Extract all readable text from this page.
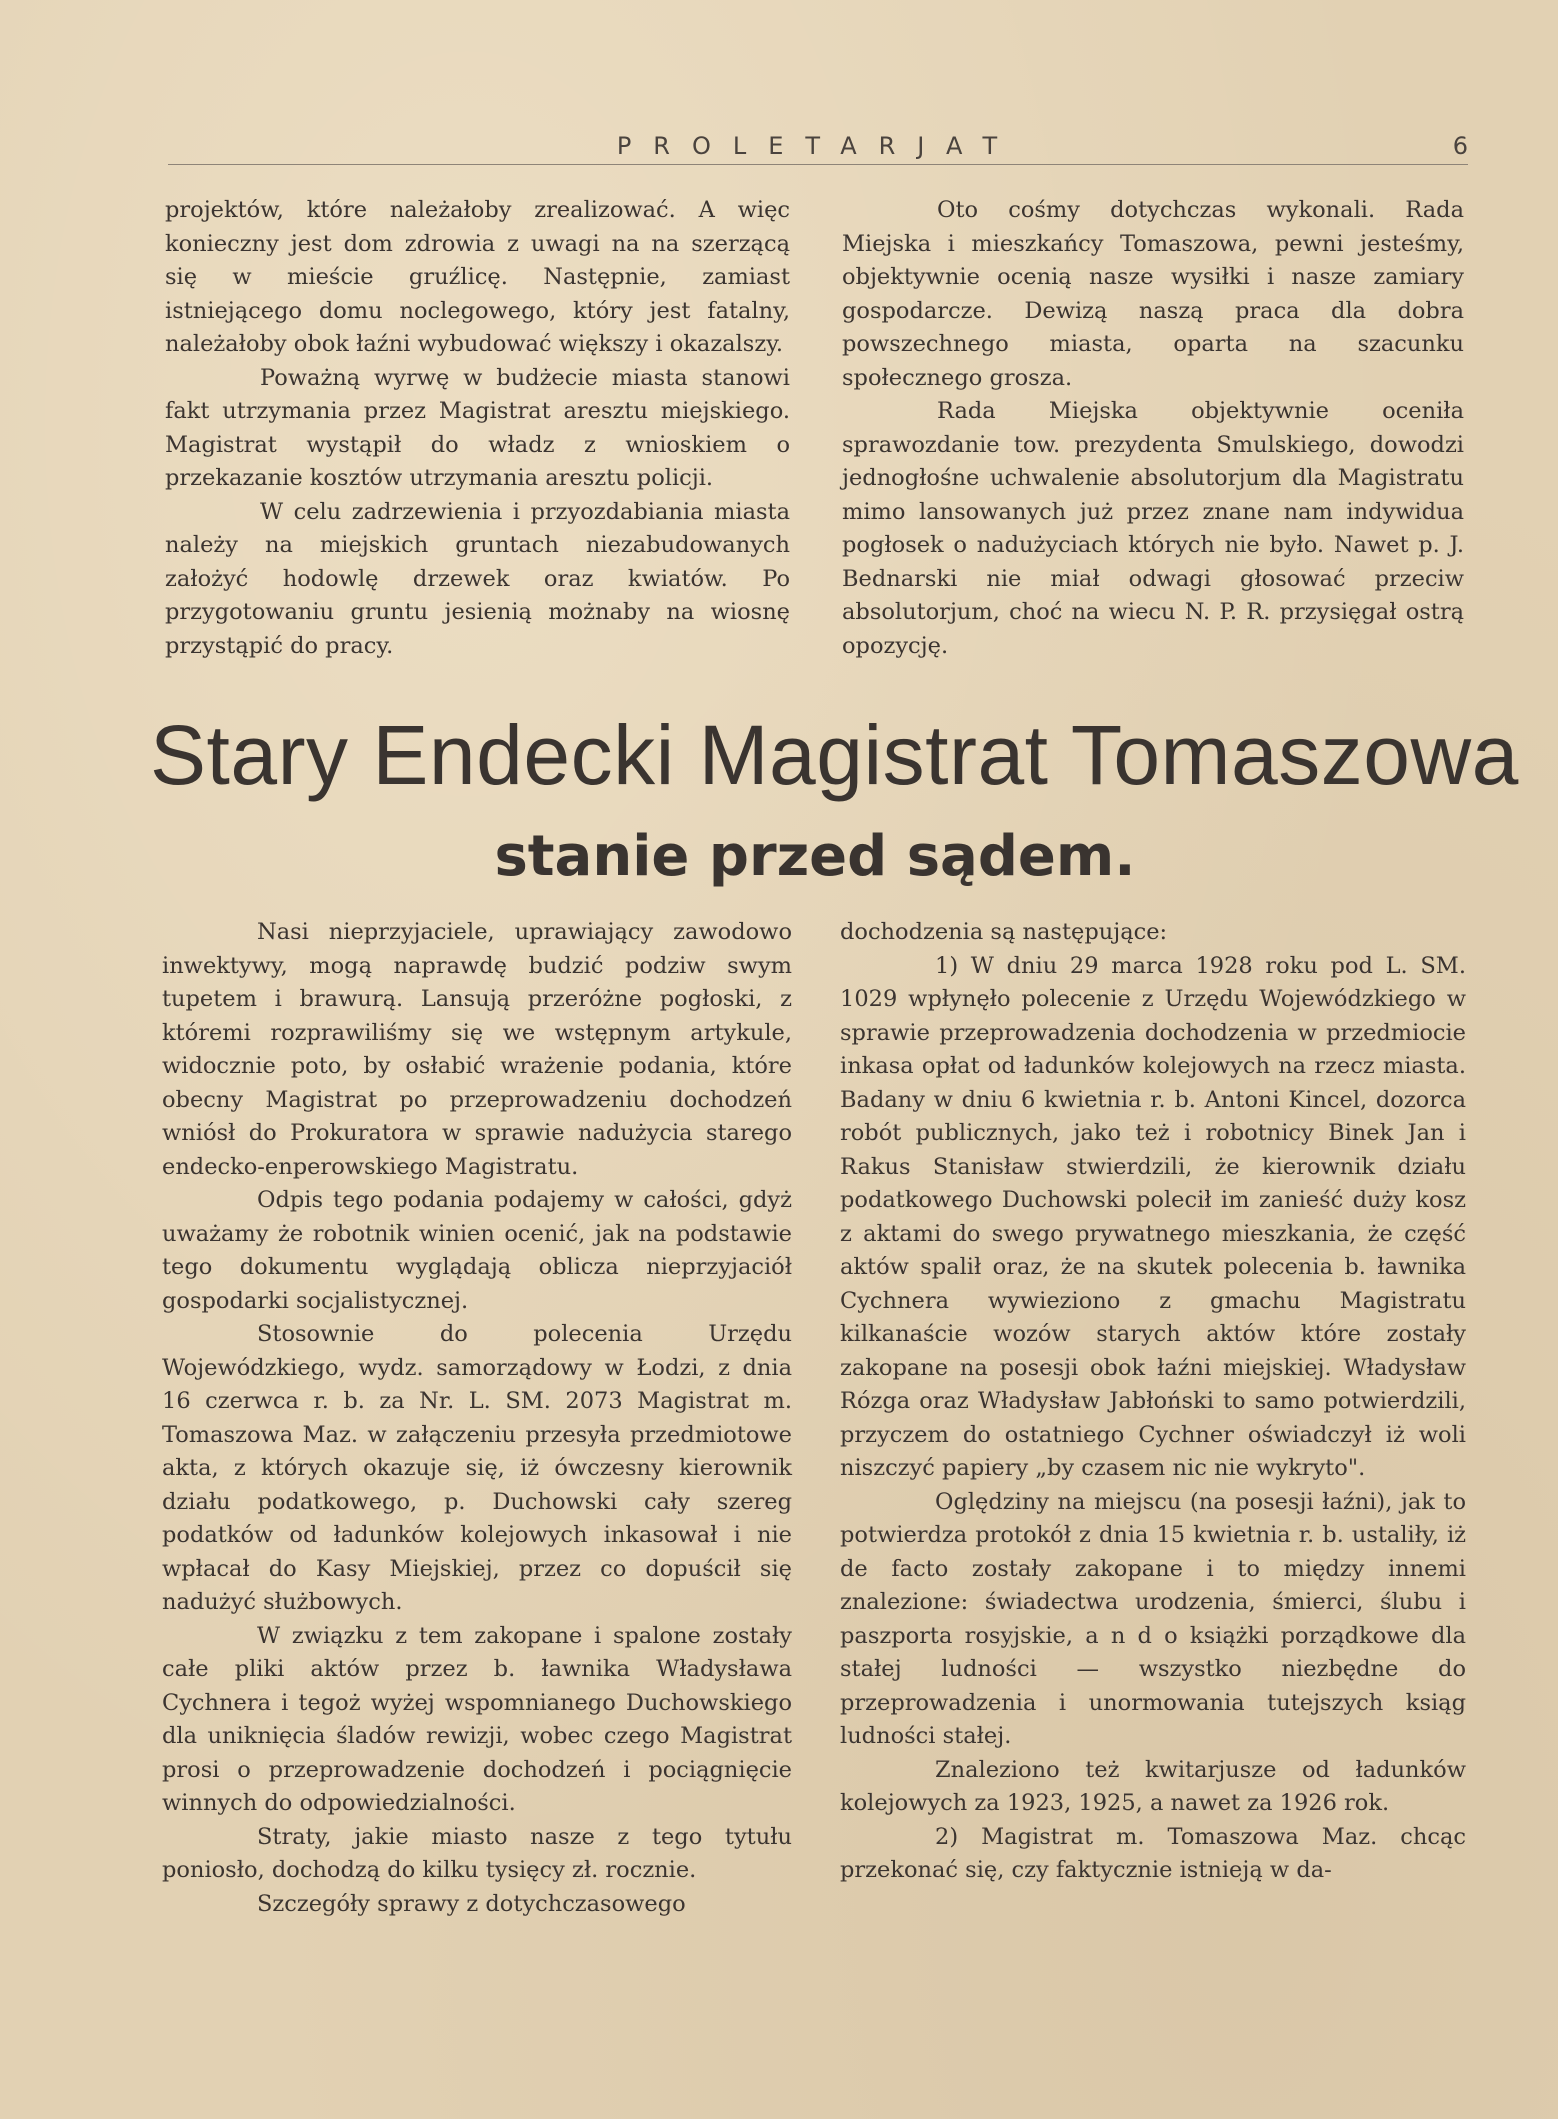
PROLETARJAT	6

projektów, które należałoby zrealizować. A więc konieczny jest dom zdrowia z uwagi na na szerzącą się w mieście gruźlicę. Następnie, zamiast istniejącego domu noclegowego, który jest fatalny, należałoby obok łaźni wybudować większy i okazalszy.

Poważną wyrwę w budżecie miasta stanowi fakt utrzymania przez Magistrat aresztu miejskiego. Magistrat wystąpił do władz z wnioskiem o przekazanie kosztów utrzymania aresztu policji.

W celu zadrzewienia i przyozdabiania miasta należy na miejskich gruntach niezabudowanych założyć hodowlę drzewek oraz kwiatów. Po przygotowaniu gruntu jesienią możnaby na wiosnę przystąpić do pracy.

Oto cośmy dotychczas wykonali. Rada Miejska i mieszkańcy Tomaszowa, pewni jesteśmy, objektywnie ocenią nasze wysiłki i nasze zamiary gospodarcze. Dewizą naszą praca dla dobra powszechnego miasta, oparta na szacunku społecznego grosza.

Rada Miejska objektywnie oceniła sprawozdanie tow. prezydenta Smulskiego, dowodzi jednogłośne uchwalenie absolutorjum dla Magistratu mimo lansowanych już przez znane nam indywidua pogłosek o nadużyciach których nie było. Nawet p. J. Bednarski nie miał odwagi głosować przeciw absolutorjum, choć na wiecu N. P. R. przysięgał ostrą opozycję.

Stary Endecki Magistrat Tomaszowa
stanie przed sądem.

Nasi nieprzyjaciele, uprawiający zawodowo inwektywy, mogą naprawdę budzić podziw swym tupetem i brawurą. Lansują przeróżne pogłoski, z któremi rozprawiliśmy się we wstępnym artykule, widocznie poto, by osłabić wrażenie podania, które obecny Magistrat po przeprowadzeniu dochodzeń wniósł do Prokuratora w sprawie nadużycia starego endecko-enperowskiego Magistratu.

Odpis tego podania podajemy w całości, gdyż uważamy że robotnik winien ocenić, jak na podstawie tego dokumentu wyglądają oblicza nieprzyjaciół gospodarki socjalistycznej.

Stosownie do polecenia Urzędu Wojewódzkiego, wydz. samorządowy w Łodzi, z dnia 16 czerwca r. b. za Nr. L. SM. 2073 Magistrat m. Tomaszowa Maz. w załączeniu przesyła przedmiotowe akta, z których okazuje się, iż ówczesny kierownik działu podatkowego, p. Duchowski cały szereg podatków od ładunków kolejowych inkasował i nie wpłacał do Kasy Miejskiej, przez co dopuścił się nadużyć służbowych.

W związku z tem zakopane i spalone zostały całe pliki aktów przez b. ławnika Władysława Cychnera i tegoż wyżej wspomnianego Duchowskiego dla uniknięcia śladów rewizji, wobec czego Magistrat prosi o przeprowadzenie dochodzeń i pociągnięcie winnych do odpowiedzialności.

Straty, jakie miasto nasze z tego tytułu poniosło, dochodzą do kilku tysięcy zł. rocznie.

Szczegóły sprawy z dotychczasowego

dochodzenia są następujące:

1) W dniu 29 marca 1928 roku pod L. SM. 1029 wpłynęło polecenie z Urzędu Wojewódzkiego w sprawie przeprowadzenia dochodzenia w przedmiocie inkasa opłat od ładunków kolejowych na rzecz miasta. Badany w dniu 6 kwietnia r. b. Antoni Kincel, dozorca robót publicznych, jako też i robotnicy Binek Jan i Rakus Stanisław stwierdzili, że kierownik działu podatkowego Duchowski polecił im zanieść duży kosz z aktami do swego prywatnego mieszkania, że część aktów spalił oraz, że na skutek polecenia b. ławnika Cychnera wywieziono z gmachu Magistratu kilkanaście wozów starych aktów które zostały zakopane na posesji obok łaźni miejskiej. Władysław Rózga oraz Władysław Jabłoński to samo potwierdzili, przyczem do ostatniego Cychner oświadczył iż woli niszczyć papiery „by czasem nic nie wykryto".

Oględziny na miejscu (na posesji łaźni), jak to potwierdza protokół z dnia 15 kwietnia r. b. ustaliły, iż de facto zostały zakopane i to między innemi znalezione: świadectwa urodzenia, śmierci, ślubu i paszporta rosyjskie, a n d o książki porządkowe dla stałej ludności — wszystko niezbędne do przeprowadzenia i unormowania tutejszych ksiąg ludności stałej.

Znaleziono też kwitarjusze od ładunków kolejowych za 1923, 1925, a nawet za 1926 rok.

2) Magistrat m. Tomaszowa Maz. chcąc przekonać się, czy faktycznie istnieją w da-
